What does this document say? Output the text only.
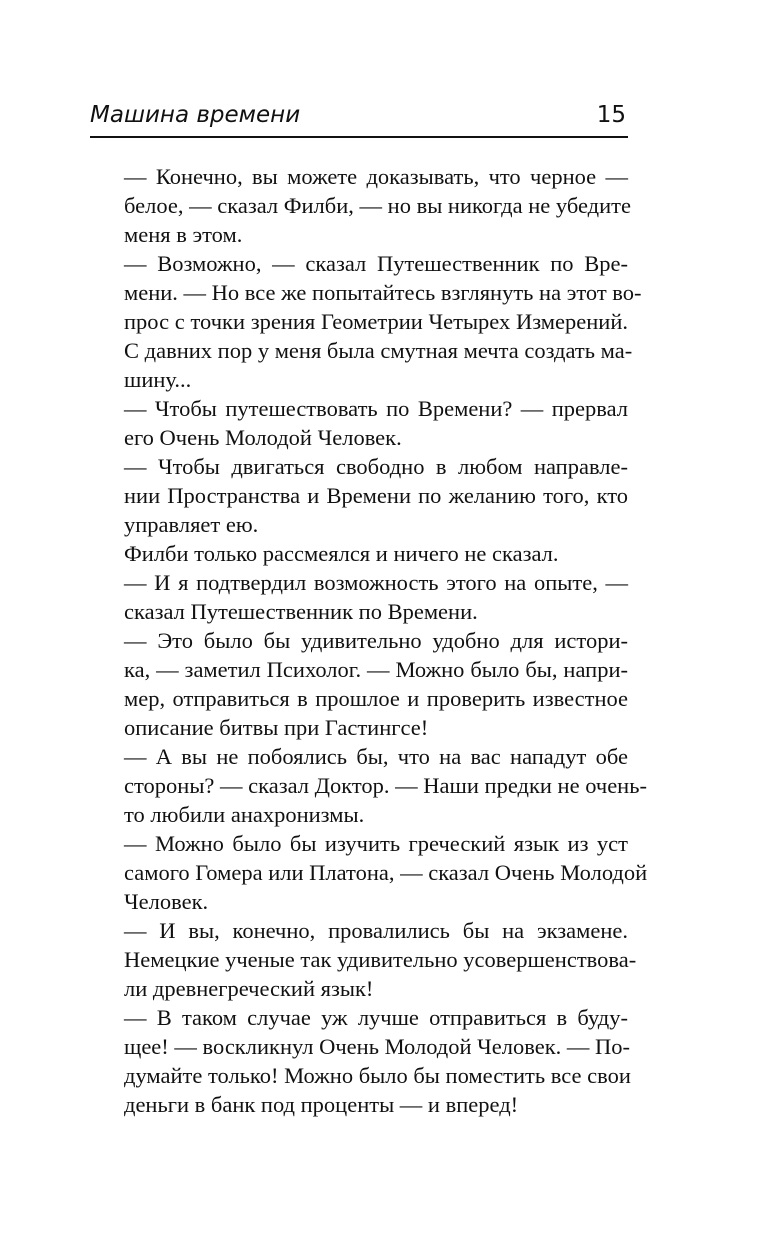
Машина времени	15

— Конечно, вы можете доказывать, что черное —
белое, — сказал Филби, — но вы никогда не убедите
меня в этом.

— Возможно, — сказал Путешественник по Вре-
мени. — Но все же попытайтесь взглянуть на этот во-
прос с точки зрения Геометрии Четырех Измерений.
С давних пор у меня была смутная мечта создать ма-
шину...

— Чтобы путешествовать по Времени? — прервал
его Очень Молодой Человек.

— Чтобы двигаться свободно в любом направле-
нии Пространства и Времени по желанию того, кто
управляет ею.

Филби только рассмеялся и ничего не сказал.

— И я подтвердил возможность этого на опыте, —
сказал Путешественник по Времени.

— Это было бы удивительно удобно для истори-
ка, — заметил Психолог. — Можно было бы, напри-
мер, отправиться в прошлое и проверить известное
описание битвы при Гастингсе!

— А вы не побоялись бы, что на вас нападут обе
стороны? — сказал Доктор. — Наши предки не очень-
то любили анахронизмы.

— Можно было бы изучить греческий язык из уст
самого Гомера или Платона, — сказал Очень Молодой
Человек.

— И вы, конечно, провалились бы на экзамене.
Немецкие ученые так удивительно усовершенствова-
ли древнегреческий язык!

— В таком случае уж лучше отправиться в буду-
щее! — воскликнул Очень Молодой Человек. — По-
думайте только! Можно было бы поместить все свои
деньги в банк под проценты — и вперед!
